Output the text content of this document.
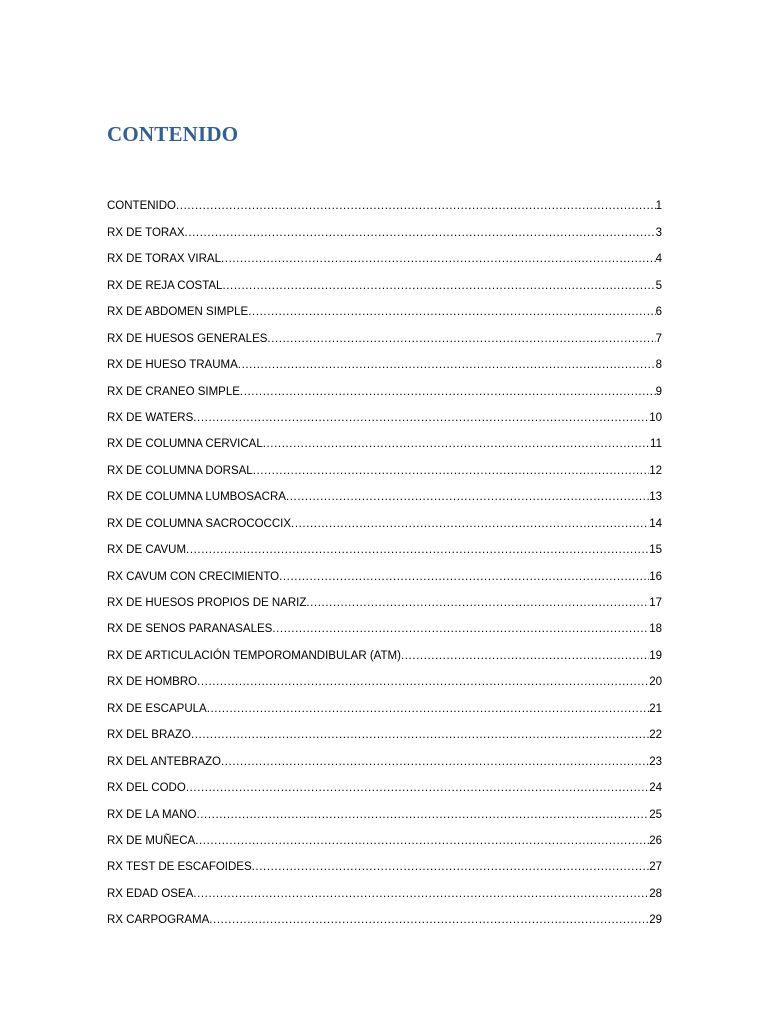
CONTENIDO
CONTENIDO .....	1
RX DE TORAX .....	3
RX DE TORAX VIRAL .....	4
RX DE REJA COSTAL .....	5
RX DE ABDOMEN SIMPLE .....	6
RX DE HUESOS GENERALES .....	7
RX DE HUESO TRAUMA .....	8
RX DE CRANEO SIMPLE .....	9
RX DE WATERS .....	10
RX DE COLUMNA CERVICAL .....	11
RX DE COLUMNA DORSAL .....	12
RX DE COLUMNA LUMBOSACRA .....	13
RX DE COLUMNA SACROCOCCIX .....	14
RX DE CAVUM .....	15
RX CAVUM CON CRECIMIENTO .....	16
RX DE HUESOS PROPIOS DE NARIZ .....	17
RX DE SENOS PARANASALES .....	18
RX DE ARTICULACIÓN TEMPOROMANDIBULAR (ATM) .....	19
RX DE HOMBRO .....	20
RX DE ESCAPULA .....	21
RX DEL BRAZO .....	22
RX DEL ANTEBRAZO .....	23
RX DEL CODO .....	24
RX DE LA MANO .....	25
RX DE MUÑECA .....	26
RX TEST DE ESCAFOIDES .....	27
RX EDAD OSEA .....	28
RX CARPOGRAMA .....	29
